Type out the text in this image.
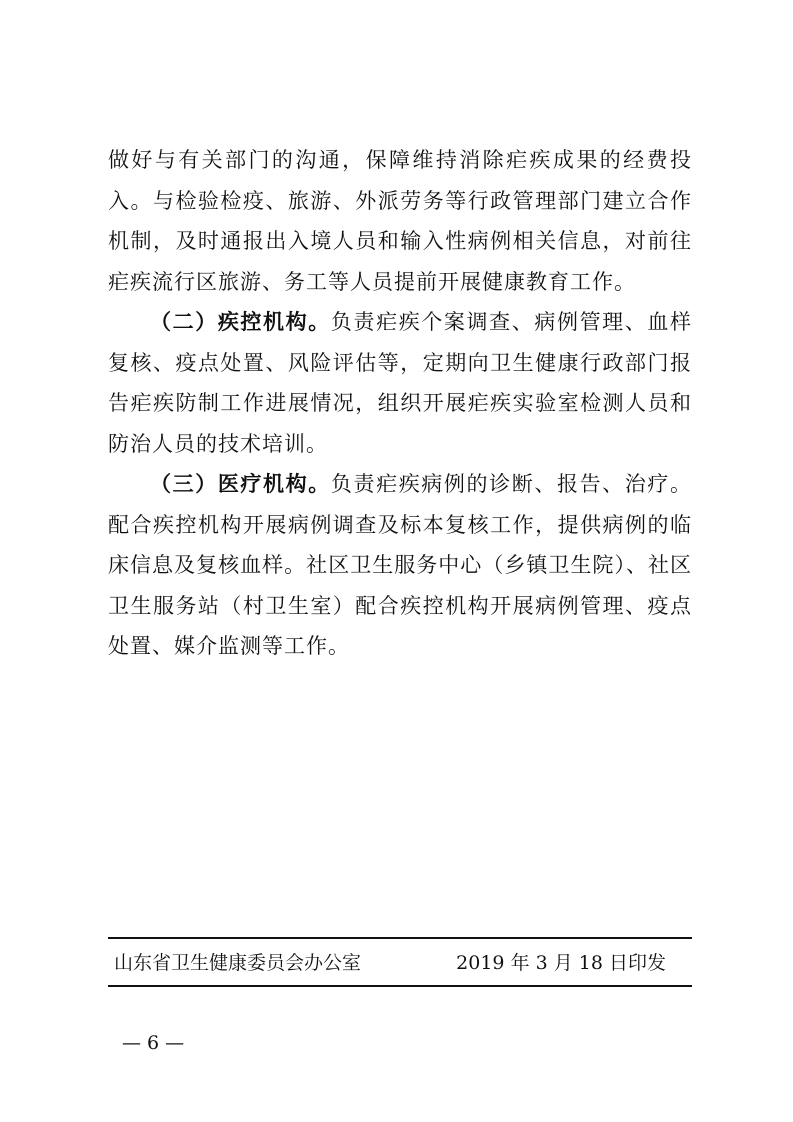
做好与有关部门的沟通，保障维持消除疟疾成果的经费投入。与检验检疫、旅游、外派劳务等行政管理部门建立合作机制，及时通报出入境人员和输入性病例相关信息，对前往疟疾流行区旅游、务工等人员提前开展健康教育工作。

（二）疾控机构。负责疟疾个案调查、病例管理、血样复核、疫点处置、风险评估等，定期向卫生健康行政部门报告疟疾防制工作进展情况，组织开展疟疾实验室检测人员和防治人员的技术培训。

（三）医疗机构。负责疟疾病例的诊断、报告、治疗。配合疾控机构开展病例调查及标本复核工作，提供病例的临床信息及复核血样。社区卫生服务中心（乡镇卫生院）、社区卫生服务站（村卫生室）配合疾控机构开展病例管理、疫点处置、媒介监测等工作。

山东省卫生健康委员会办公室	2019 年 3 月 18 日印发
— 6 —
